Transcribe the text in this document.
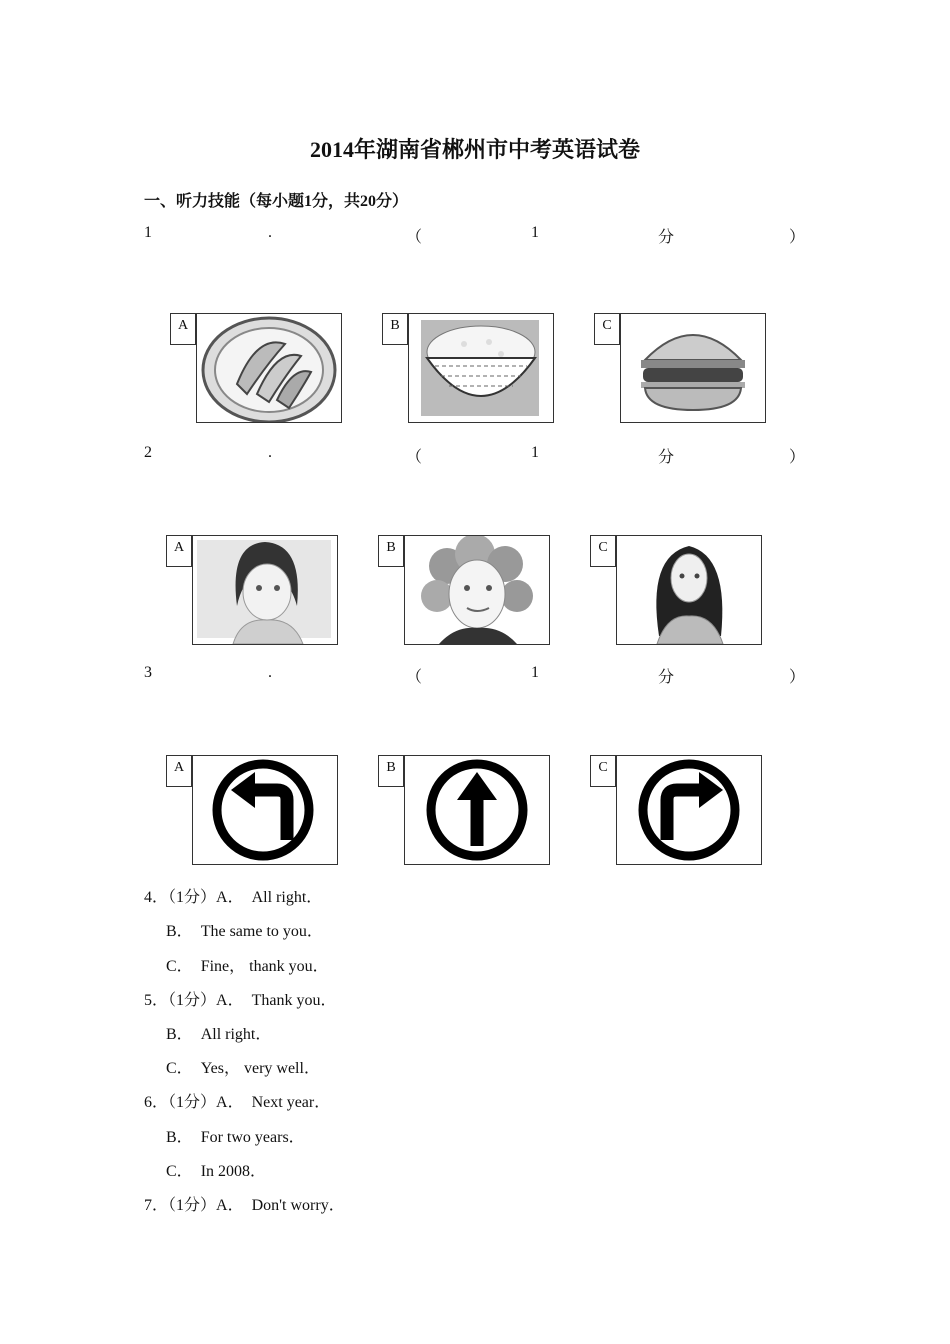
2014年湖南省郴州市中考英语试卷
一、听力技能（每小题1分，共20分）
1	.	（	1	分	）
A	B	C
2	.	（	1	分	）
A	B	C
3	.	（	1	分	）
A	B	C
4．（1分）A． All right．
B． The same to you．
C． Fine， thank you．
5．（1分）A． Thank you．
B． All right．
C． Yes， very well．
6．（1分）A． Next year．
B． For two years．
C． In 2008．
7．（1分）A． Don't worry．
